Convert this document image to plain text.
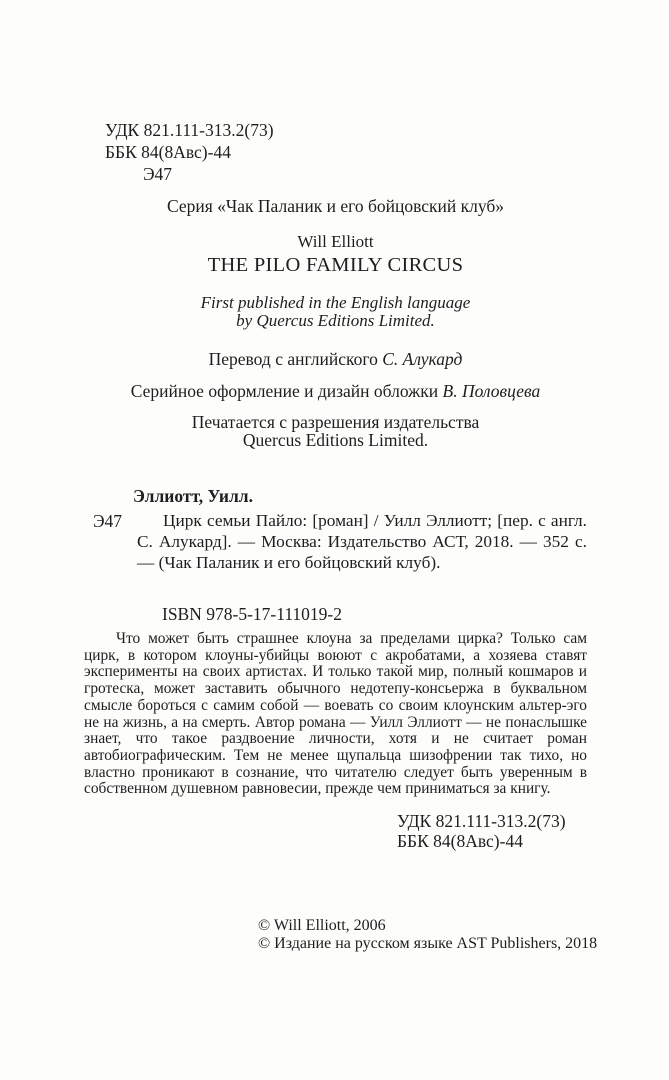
УДК 821.111-313.2(73)
ББК 84(8Авс)-44
Э47
Серия «Чак Паланик и его бойцовский клуб»
Will Elliott
THE PILO FAMILY CIRCUS
First published in the English language
by Quercus Editions Limited.
Перевод с английского С. Алукард
Серийное оформление и дизайн обложки В. Половцева
Печатается с разрешения издательства
Quercus Editions Limited.
Эллиотт, Уилл.
Э47	Цирк семьи Пайло: [роман] / Уилл Эллиотт; [пер. с англ. С. Алукард]. — Москва: Издательство АСТ, 2018. — 352 с. — (Чак Паланик и его бойцовский клуб).
ISBN 978-5-17-111019-2
Что может быть страшнее клоуна за пределами цирка? Только сам цирк, в котором клоуны-убийцы воюют с акробатами, а хозяева ставят эксперименты на своих артистах. И только такой мир, полный кошмаров и гротеска, может заставить обычного недотепу-консьержа в буквальном смысле бороться с самим собой — воевать со своим клоунским альтер-эго не на жизнь, а на смерть. Автор романа — Уилл Эллиотт — не понаслышке знает, что такое раздвоение личности, хотя и не считает роман автобиографическим. Тем не менее щупальца шизофрении так тихо, но властно проникают в сознание, что читателю следует быть уверенным в собственном душевном равновесии, прежде чем приниматься за книгу.
УДК 821.111-313.2(73)
ББК 84(8Авс)-44
© Will Elliott, 2006
© Издание на русском языке AST Publishers, 2018
